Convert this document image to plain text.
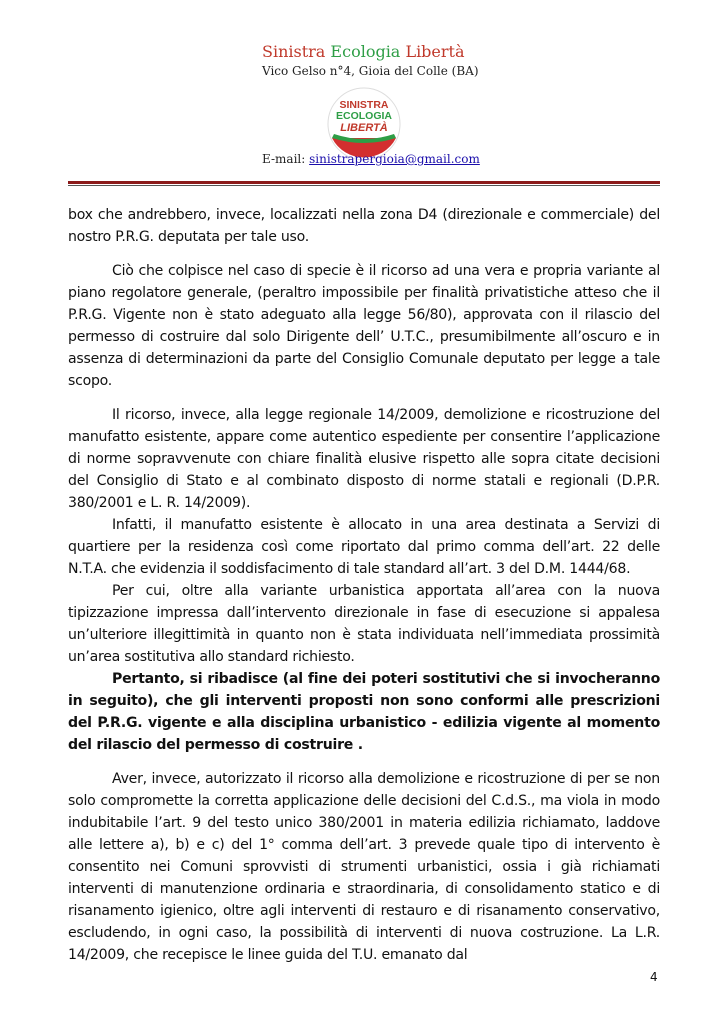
Sinistra Ecologia Libertà
Vico Gelso n°4, Gioia del Colle (BA)
SINISTRA
ECOLOGIA
LIBERTÀ
E-mail: sinistrapergioia@gmail.com

box che andrebbero, invece, localizzati nella zona D4 (direzionale e commerciale) del nostro P.R.G. deputata per tale uso.

Ciò che colpisce nel caso di specie è il ricorso ad una vera e propria variante al piano regolatore generale, (peraltro impossibile per finalità privatistiche atteso che il P.R.G. Vigente non è stato adeguato alla legge 56/80), approvata con il rilascio del permesso di costruire dal solo Dirigente dell’ U.T.C., presumibilmente all’oscuro e in assenza di determinazioni da parte del Consiglio Comunale deputato per legge a tale scopo.

Il ricorso, invece, alla legge regionale 14/2009, demolizione e ricostruzione del manufatto esistente, appare come autentico espediente per consentire l’applicazione di norme sopravvenute con chiare finalità elusive rispetto alle sopra citate decisioni del Consiglio di Stato e al combinato disposto di norme statali e regionali (D.P.R. 380/2001 e L. R. 14/2009).

Infatti, il manufatto esistente è allocato in una area destinata a Servizi di quartiere per la residenza così come riportato dal primo comma dell’art. 22 delle N.T.A. che evidenzia il soddisfacimento di tale standard all’art. 3 del D.M. 1444/68.

Per cui, oltre alla variante urbanistica apportata all’area con la nuova tipizzazione impressa dall’intervento direzionale in fase di esecuzione si appalesa un’ulteriore illegittimità in quanto non è stata individuata nell’immediata prossimità un’area sostitutiva allo standard richiesto.

Pertanto, si ribadisce (al fine dei poteri sostitutivi che si invocheranno in seguito), che gli interventi proposti non sono conformi alle prescrizioni del P.R.G. vigente e alla disciplina urbanistico - edilizia vigente al momento del rilascio del permesso di costruire .

Aver, invece, autorizzato il ricorso alla demolizione e ricostruzione di per se non solo compromette la corretta applicazione delle decisioni del C.d.S., ma viola in modo indubitabile l’art. 9 del testo unico 380/2001 in materia edilizia richiamato, laddove alle lettere a), b) e c) del 1° comma dell’art. 3 prevede quale tipo di intervento è consentito nei Comuni sprovvisti di strumenti urbanistici, ossia i già richiamati interventi di manutenzione ordinaria e straordinaria, di consolidamento statico e di risanamento igienico, oltre agli interventi di restauro e di risanamento conservativo, escludendo, in ogni caso, la possibilità di interventi di nuova costruzione. La L.R. 14/2009, che recepisce le linee guida del T.U. emanato dal

4
